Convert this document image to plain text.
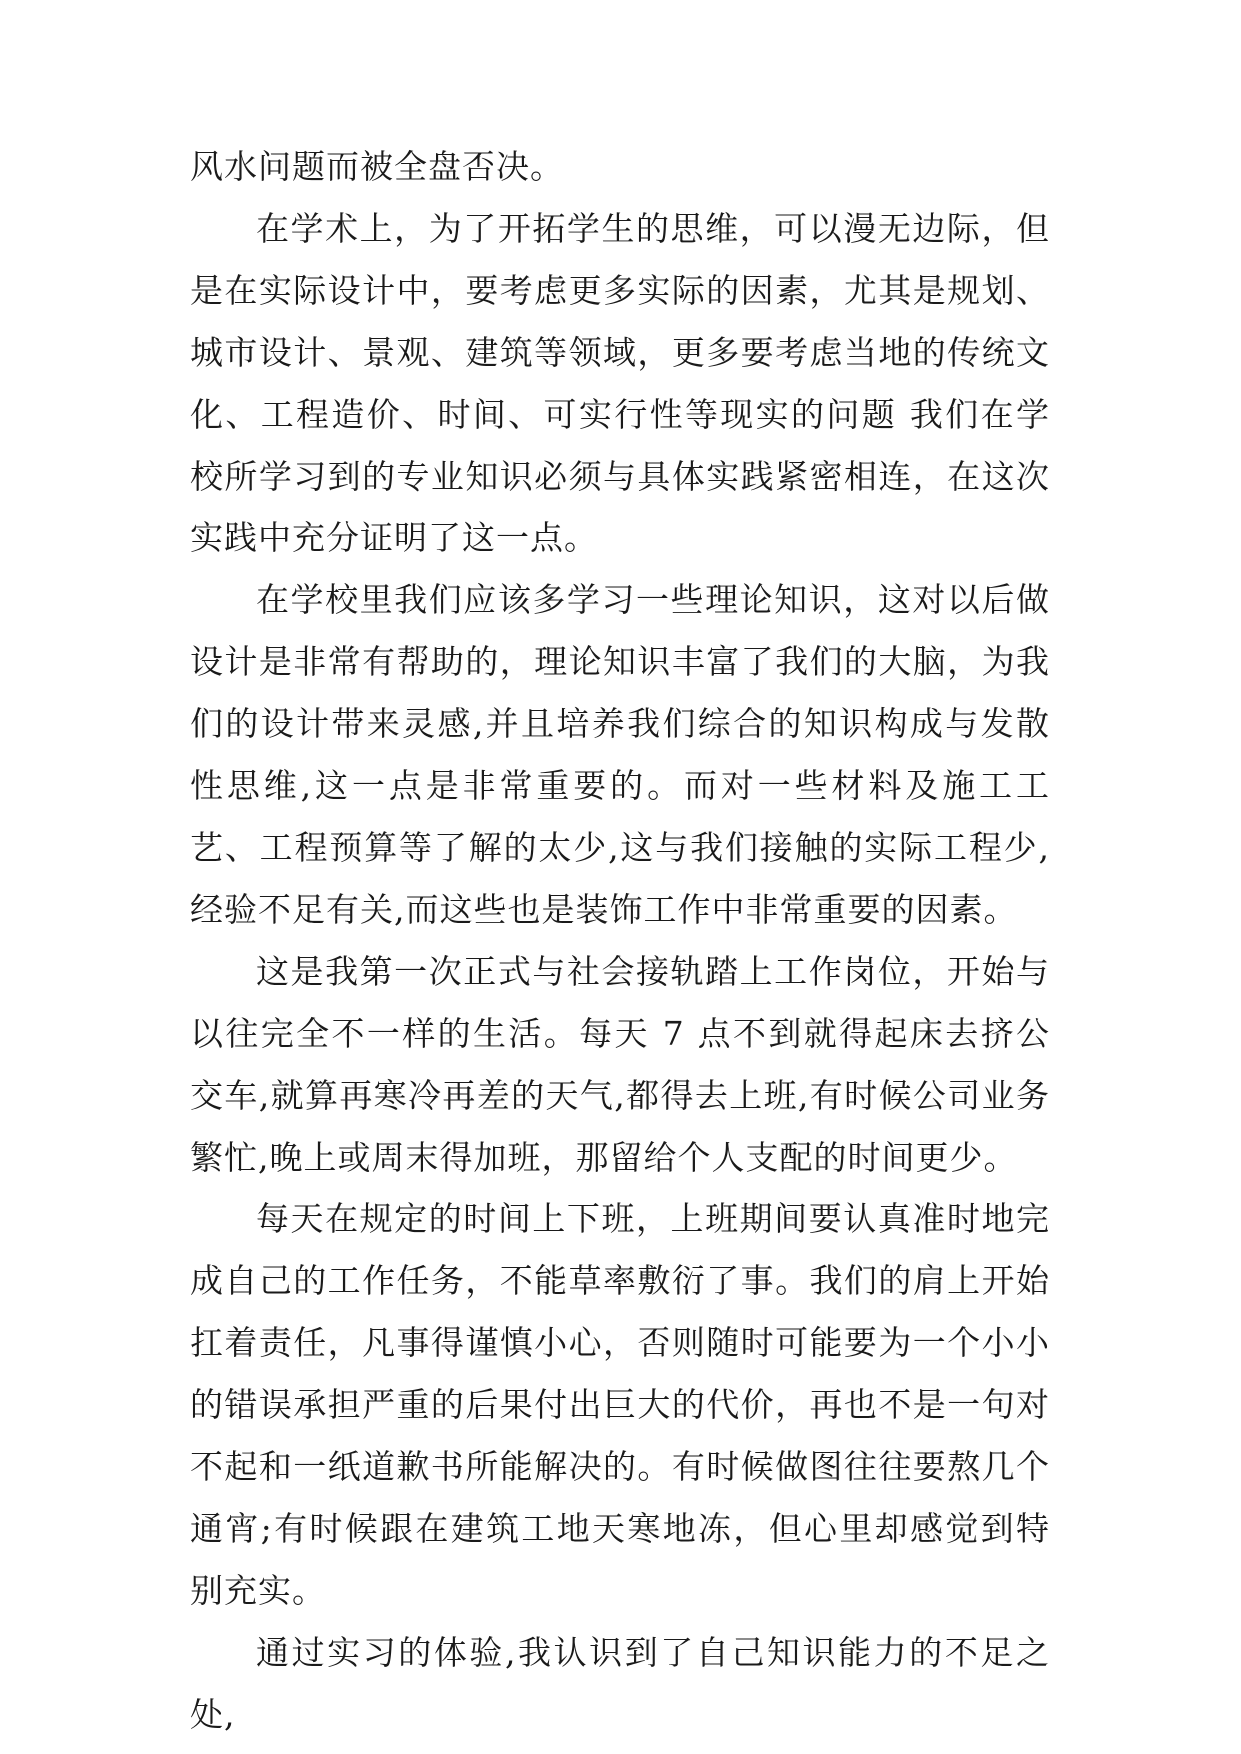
风水问题而被全盘否决。

在学术上，为了开拓学生的思维，可以漫无边际，但是在实际设计中，要考虑更多实际的因素，尤其是规划、城市设计、景观、建筑等领域，更多要考虑当地的传统文化、工程造价、时间、可实行性等现实的问题 我们在学校所学习到的专业知识必须与具体实践紧密相连，在这次实践中充分证明了这一点。

在学校里我们应该多学习一些理论知识，这对以后做设计是非常有帮助的，理论知识丰富了我们的大脑，为我们的设计带来灵感,并且培养我们综合的知识构成与发散性思维,这一点是非常重要的。而对一些材料及施工工艺、工程预算等了解的太少,这与我们接触的实际工程少,经验不足有关,而这些也是装饰工作中非常重要的因素。

这是我第一次正式与社会接轨踏上工作岗位，开始与以往完全不一样的生活。每天 7 点不到就得起床去挤公交车,就算再寒冷再差的天气,都得去上班,有时候公司业务繁忙,晚上或周末得加班，那留给个人支配的时间更少。

每天在规定的时间上下班，上班期间要认真准时地完成自己的工作任务，不能草率敷衍了事。我们的肩上开始扛着责任，凡事得谨慎小心，否则随时可能要为一个小小的错误承担严重的后果付出巨大的代价，再也不是一句对不起和一纸道歉书所能解决的。有时候做图往往要熬几个通宵;有时候跟在建筑工地天寒地冻，但心里却感觉到特别充实。

通过实习的体验,我认识到了自己知识能力的不足之处,
